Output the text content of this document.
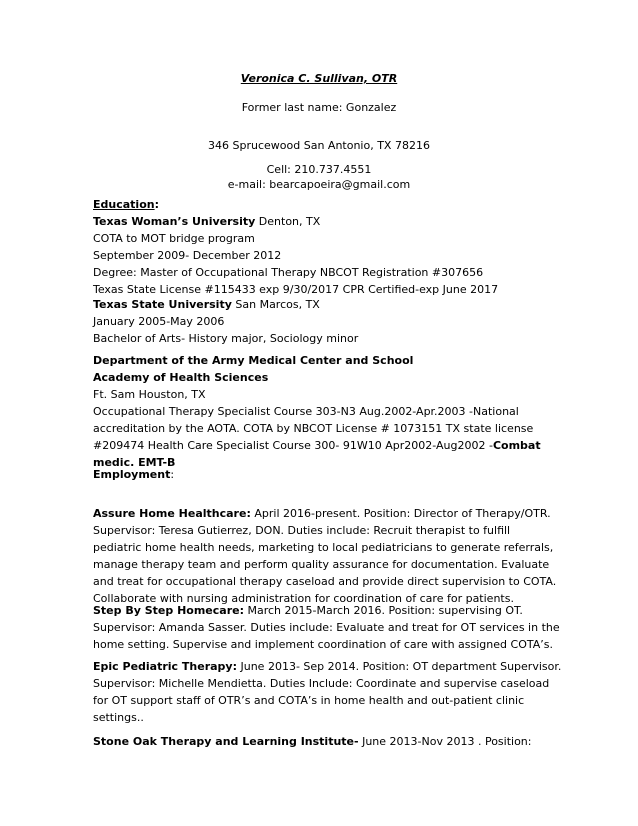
Veronica C. Sullivan, OTR
Former last name: Gonzalez
346 Sprucewood San Antonio, TX 78216
Cell: 210.737.4551
e-mail: bearcapoeira@gmail.com
Education:
Texas Woman’s University Denton, TX
COTA to MOT bridge program
September 2009- December 2012
Degree: Master of Occupational Therapy NBCOT Registration #307656
Texas State License #115433 exp 9/30/2017 CPR Certified-exp June 2017
Texas State University San Marcos, TX
January 2005-May 2006
Bachelor of Arts- History major, Sociology minor
Department of the Army Medical Center and School
Academy of Health Sciences
Ft. Sam Houston, TX
Occupational Therapy Specialist Course 303-N3 Aug.2002-Apr.2003 -National
accreditation by the AOTA. COTA by NBCOT License # 1073151 TX state license
#209474 Health Care Specialist Course 300- 91W10 Apr2002-Aug2002 -Combat
medic. EMT-B
Employment:
Assure Home Healthcare: April 2016-present. Position: Director of Therapy/OTR.
Supervisor: Teresa Gutierrez, DON. Duties include: Recruit therapist to fulfill
pediatric home health needs, marketing to local pediatricians to generate referrals,
manage therapy team and perform quality assurance for documentation. Evaluate
and treat for occupational therapy caseload and provide direct supervision to COTA.
Collaborate with nursing administration for coordination of care for patients.
Step By Step Homecare: March 2015-March 2016. Position: supervising OT.
Supervisor: Amanda Sasser. Duties include: Evaluate and treat for OT services in the
home setting. Supervise and implement coordination of care with assigned COTA’s.
Epic Pediatric Therapy: June 2013- Sep 2014. Position: OT department Supervisor.
Supervisor: Michelle Mendietta. Duties Include: Coordinate and supervise caseload
for OT support staff of OTR’s and COTA’s in home health and out-patient clinic
settings..
Stone Oak Therapy and Learning Institute- June 2013-Nov 2013 . Position:
